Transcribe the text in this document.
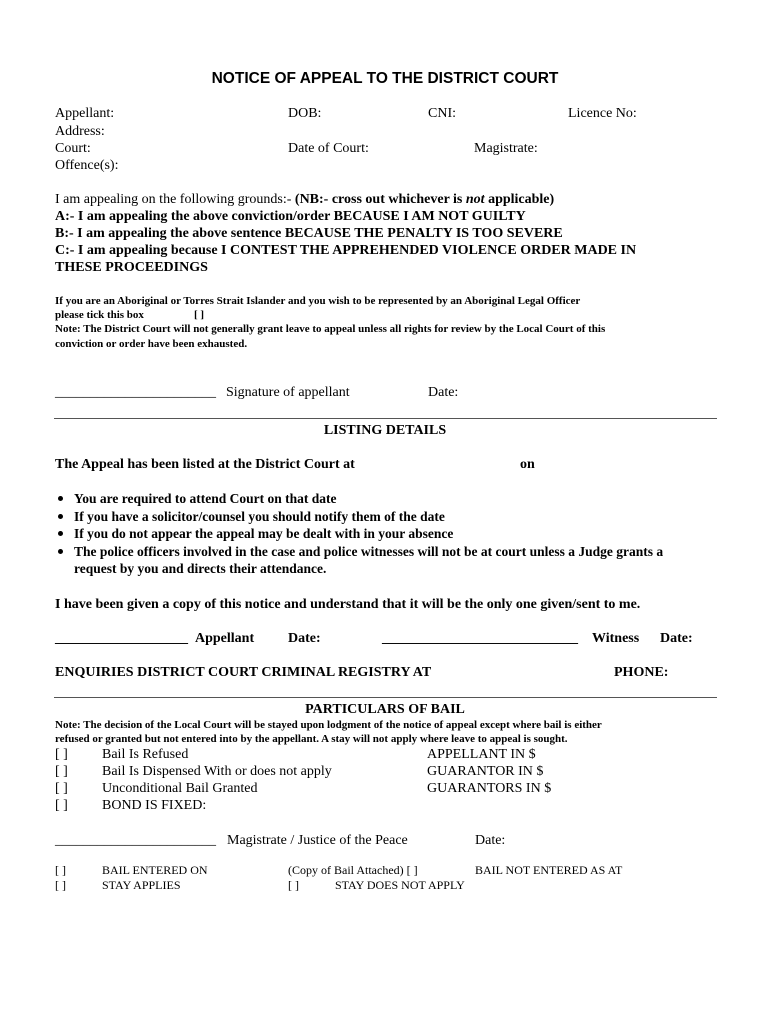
NOTICE OF APPEAL TO THE DISTRICT COURT
Appellant:	DOB:	CNI:	Licence No:
Address:
Court:	Date of Court:	Magistrate:
Offence(s):
I am appealing on the following grounds:- (NB:- cross out whichever is not applicable)
A:- I am appealing the above conviction/order BECAUSE I AM NOT GUILTY
B:- I am appealing the above sentence BECAUSE THE PENALTY IS TOO SEVERE
C:- I am appealing because I CONTEST THE APPREHENDED VIOLENCE ORDER MADE IN
THESE PROCEEDINGS
If you are an Aboriginal or Torres Strait Islander and you wish to be represented by an Aboriginal Legal Officer
please tick this box	[ ]
Note: The District Court will not generally grant leave to appeal unless all rights for review by the Local Court of this
conviction or order have been exhausted.
_______________________ Signature of appellant	Date:
LISTING DETAILS
The Appeal has been listed at the District Court at	on
You are required to attend Court on that date
If you have a solicitor/counsel you should notify them of the date
If you do not appear the appeal may be dealt with in your absence
The police officers involved in the case and police witnesses will not be at court unless a Judge grants a request by you and directs their attendance.
I have been given a copy of this notice and understand that it will be the only one given/sent to me.
___________________ Appellant Date:	____________________________ Witness Date:
ENQUIRIES DISTRICT COURT CRIMINAL REGISTRY AT	PHONE:
PARTICULARS OF BAIL
Note: The decision of the Local Court will be stayed upon lodgment of the notice of appeal except where bail is either
refused or granted but not entered into by the appellant. A stay will not apply where leave to appeal is sought.
[ ] Bail Is Refused	APPELLANT IN $
[ ] Bail Is Dispensed With or does not apply	GUARANTOR IN $
[ ] Unconditional Bail Granted	GUARANTORS IN $
[ ] BOND IS FIXED:
_______________________ Magistrate / Justice of the Peace	Date:
[ ]	BAIL ENTERED ON	(Copy of Bail Attached) [ ]	BAIL NOT ENTERED AS AT
[ ]	STAY APPLIES	[ ]	STAY DOES NOT APPLY
